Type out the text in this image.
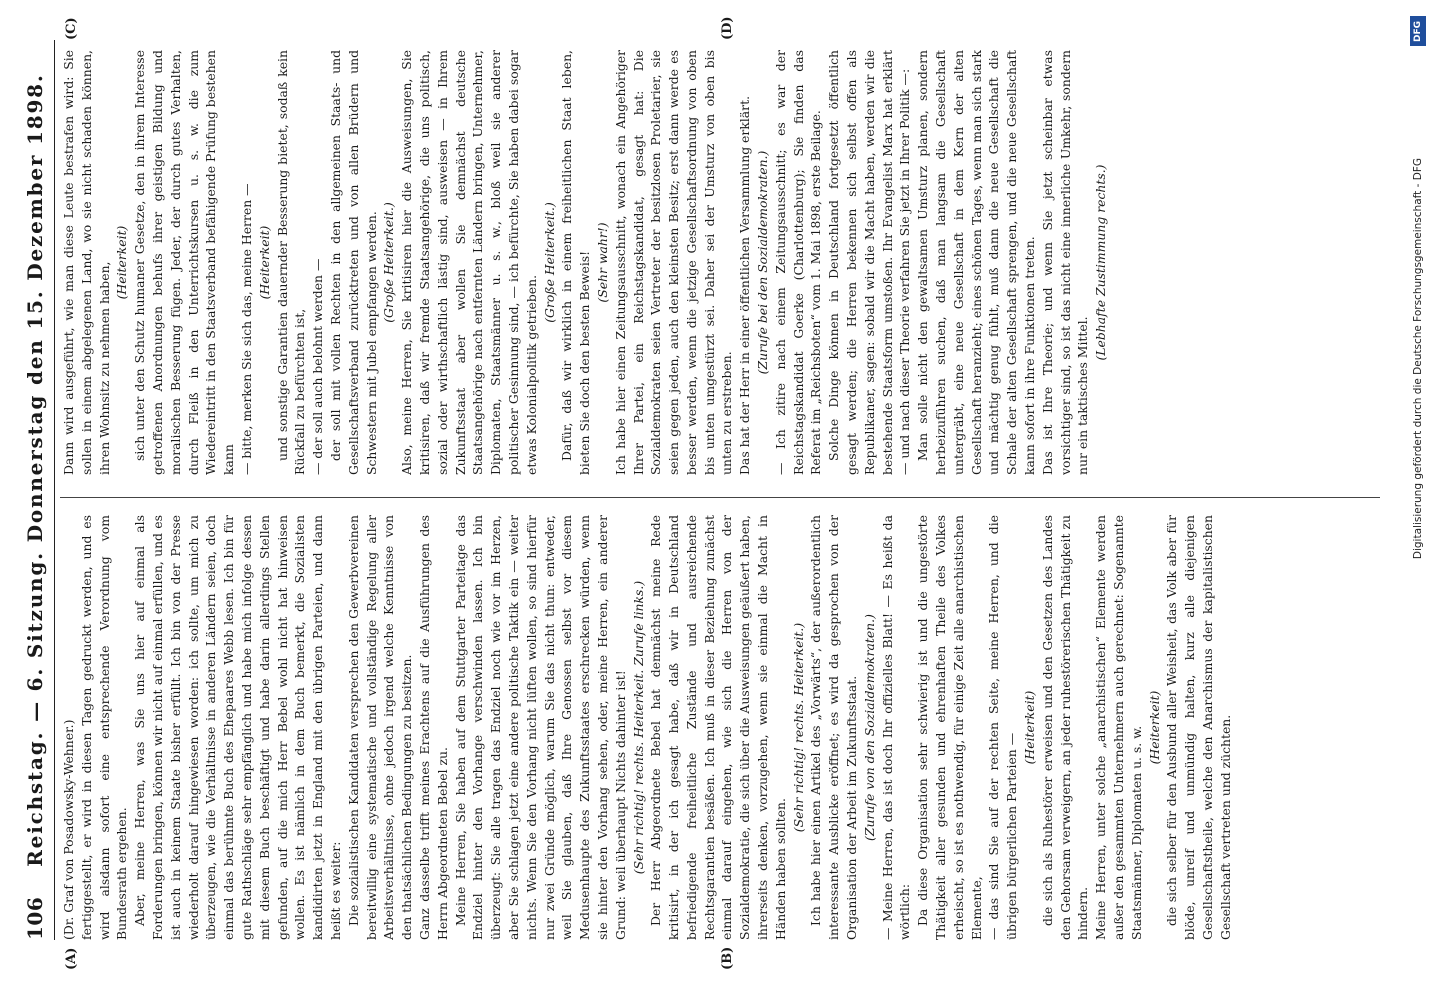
106
Reichstag. — 6. Sitzung. Donnerstag den 15. Dezember 1898.
(A)	(B)
(C)	(D)

(Dr. Graf von Posadowsky-Wehner.) fertiggestellt, er wird in diesen Tagen gedruckt werden, und es wird alsdann sofort eine entsprechende Verordnung vom Bundesrath ergehen. Aber, meine Herren, was Sie uns hier auf einmal als Forderungen bringen, können wir nicht auf einmal erfüllen, und es ist auch in keinem Staate bisher erfüllt. Ich bin von der Presse wiederholt darauf hingewiesen worden: ich sollte, um mich zu überzeugen, wie die Verhältnisse in anderen Ländern seien, doch einmal das berühmte Buch des Ehepaares Webb lesen. Ich bin für gute Rathschläge sehr empfänglich und habe mich infolge dessen mit diesem Buch beschäftigt und habe darin allerdings Stellen gefunden, auf die mich Herr Bebel wohl nicht hat hinweisen wollen. Es ist nämlich in dem Buch bemerkt, die Sozialisten kandidirten jetzt in England mit den übrigen Parteien, und dann heißt es weiter: Die sozialistischen Kandidaten versprechen den Gewerbvereinen bereitwillig eine systematische und vollständige Regelung aller Arbeitsverhältnisse, ohne jedoch irgend welche Kenntnisse von den thatsächlichen Bedingungen zu besitzen. Ganz dasselbe trifft meines Erachtens auf die Ausführungen des Herrn Abgeordneten Bebel zu. Meine Herren, Sie haben auf dem Stuttgarter Parteitage das Endziel hinter den Vorhange verschwinden lassen. Ich bin überzeugt: Sie alle tragen das Endziel noch wie vor im Herzen, aber Sie schlagen jetzt eine andere politische Taktik ein — weiter nichts. Wenn Sie den Vorhang nicht lüften wollen, so sind hierfür nur zwei Gründe möglich, warum Sie das nicht thun: entweder, weil Sie glauben, daß Ihre Genossen selbst vor diesem Medusenhaupte des Zukunftsstaates erschrecken würden, wenn sie hinter den Vorhang sehen, oder, meine Herren, ein anderer Grund: weil überhaupt Nichts dahinter ist! (Sehr richtig! rechts. Heiterkeit. Zurufe links.) Der Herr Abgeordnete Bebel hat demnächst meine Rede kritisirt, in der ich gesagt habe, daß wir in Deutschland befriedigende freiheitliche Zustände und ausreichende Rechtsgarantien besäßen. Ich muß in dieser Beziehung zunächst einmal darauf eingehen, wie sich die Herren von der Sozialdemokratie, die sich über die Ausweisungen geäußert haben, ihrerseits denken, vorzugehen, wenn sie einmal die Macht in Händen haben sollten.

(Sehr richtig! rechts. Heiterkeit.) Ich habe hier einen Artikel des „Vorwärts“, der außerordentlich interessante Ausblicke eröffnet; es wird da gesprochen von der Organisation der Arbeit im Zukunftsstaat. (Zurufe von den Sozialdemokraten.) — Meine Herren, das ist doch Ihr offizielles Blatt! — Es heißt da wörtlich: Da diese Organisation sehr schwierig ist und die ungestörte Thätigkeit aller gesunden und ehrenhaften Theile des Volkes erheischt, so ist es nothwendig, für einige Zeit alle anarchistischen Elemente, — das sind Sie auf der rechten Seite, meine Herren, und die übrigen bürgerlichen Parteien —

(Heiterkeit) die sich als Ruhestörer erweisen und den Gesetzen des Landes den Gehorsam verweigern, an jeder ruhestörerischen Thätigkeit zu hindern. Meine Herren, unter solche „anarchistischen“ Elemente werden außer den gesammten Unternehmern auch gerechnet: Sogenannte Staatsmänner, Diplomaten u. s. w. (Heiterkeit) die sich selber für den Ausbund aller Weisheit, das Volk aber für blöde, unreif und unmündig halten, kurz alle diejenigen Gesellschaftstheile, welche den Anarchismus der kapitalistischen Gesellschaft vertreten und züchten.

Dann wird ausgeführt, wie man diese Leute bestrafen wird: Sie sollen in einem abgelegenen Land, wo sie nicht schaden können, ihren Wohnsitz zu nehmen haben, (Heiterkeit) sich unter den Schutz humaner Gesetze, den in ihrem Interesse getroffenen Anordnungen behufs ihrer geistigen Bildung und moralischen Besserung fügen. Jeder, der durch gutes Verhalten, durch Fleiß in den Unterrichtskursen u. s. w. die zum Wiedereintritt in den Staatsverband befähigende Prüfung bestehen kann — bitte, merken Sie sich das, meine Herren — (Heiterkeit) und sonstige Garantien dauernder Besserung bietet, sodaß kein Rückfall zu befürchten ist, — der soll auch belohnt werden — der soll mit vollen Rechten in den allgemeinen Staats- und Gesellschaftsverband zurücktreten und von allen Brüdern und Schwestern mit Jubel empfangen werden. (Große Heiterkeit.) Also, meine Herren, Sie kritisiren hier die Ausweisungen, Sie kritisiren, daß wir fremde Staatsangehörige, die uns politisch, sozial oder wirthschaftlich lästig sind, ausweisen — in Ihrem Zukunftsstaat aber wollen Sie demnächst deutsche Staatsangehörige nach entfernten Ländern bringen, Unternehmer, Diplomaten, Staatsmänner u. s. w., bloß weil sie anderer politischer Gesinnung sind, — ich befürchte, Sie haben dabei sogar etwas Kolonialpolitik getrieben.

(Große Heiterkeit.) Dafür, daß wir wirklich in einem freiheitlichen Staat leben, bieten Sie doch den besten Beweis! (Sehr wahr!) Ich habe hier einen Zeitungsausschnitt, wonach ein Angehöriger Ihrer Partei, ein Reichstagskandidat, gesagt hat: Die Sozialdemokraten seien Vertreter der besitzlosen Proletarier, sie seien gegen jeden, auch den kleinsten Besitz; erst dann werde es besser werden, wenn die jetzige Gesellschaftsordnung von oben bis unten umgestürzt sei. Daher sei der Umsturz von oben bis unten zu erstreben. Das hat der Herr in einer öffentlichen Versammlung erklärt. (Zurufe bei den Sozialdemokraten.) — Ich zitire nach einem Zeitungsausschnitt; es war der Reichstagskandidat Goerke (Charlottenburg); Sie finden das Referat im „Reichsboten“ vom 1. Mai 1898, erste Beilage. Solche Dinge können in Deutschland fortgesetzt öffentlich gesagt werden; die Herren bekennen sich selbst offen als Republikaner, sagen: sobald wir die Macht haben, werden wir die bestehende Staatsform umstoßen. Ihr Evangelist Marx hat erklärt — und nach dieser Theorie verfahren Sie jetzt in Ihrer Politik —: Man solle nicht den gewaltsamen Umsturz planen, sondern herbeizuführen suchen, daß man langsam die Gesellschaft untergräbt, eine neue Gesellschaft in dem Kern der alten Gesellschaft heranzieht; eines schönen Tages, wenn man sich stark und mächtig genug fühlt, muß dann die neue Gesellschaft die Schale der alten Gesellschaft sprengen, und die neue Gesellschaft kann sofort in ihre Funktionen treten. Das ist Ihre Theorie; und wenn Sie jetzt scheinbar etwas vorsichtiger sind, so ist das nicht eine innerliche Umkehr, sondern nur ein taktisches Mittel.

(Lebhafte Zustimmung rechts.)

DFG
Digitalisierung gefördert durch die Deutsche Forschungsgemeinschaft - DFG
